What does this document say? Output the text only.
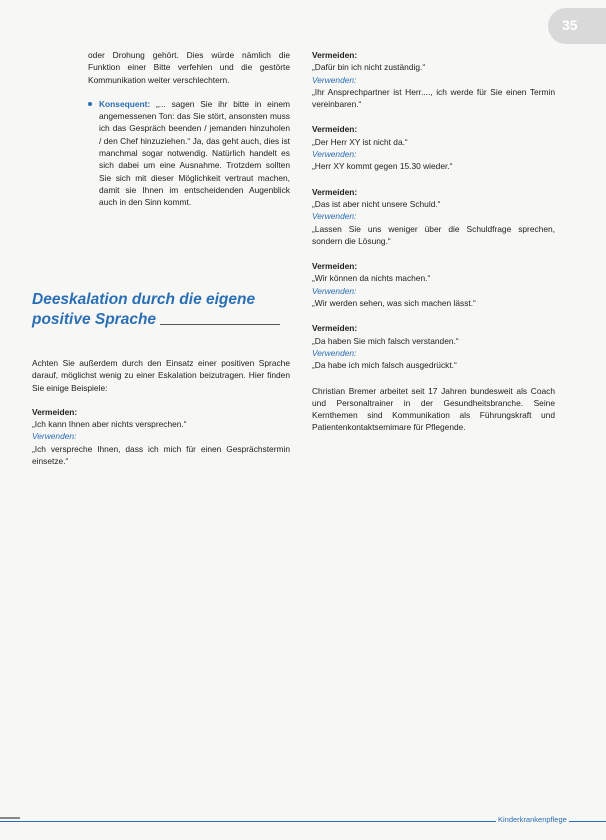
35

oder Drohung gehört. Dies würde nämlich die Funktion einer Bitte verfehlen und die gestörte Kommunikation weiter verschlechtern.

Konsequent: „... sagen Sie ihr bitte in einem angemessenen Ton: das Sie stört, ansonsten muss ich das Gespräch beenden / jemanden hinzuholen / den Chef hinzuziehen.“ Ja, das geht auch, dies ist manchmal sogar notwendig. Natürlich handelt es sich dabei um eine Ausnahme. Trotzdem sollten Sie sich mit dieser Möglichkeit vertraut machen, damit sie Ihnen im entscheidenden Augenblick auch in den Sinn kommt.

Deeskalation durch die eigene
positive Sprache

Achten Sie außerdem durch den Einsatz einer positiven Sprache darauf, möglichst wenig zu einer Eskalation beizutragen. Hier finden Sie einige Beispiele:

Vermeiden:

„Ich kann Ihnen aber nichts versprechen.“

Verwenden:

„Ich verspreche Ihnen, dass ich mich für einen Gesprächstermin einsetze.“

Vermeiden:

„Dafür bin ich nicht zuständig.“

Verwenden:

„Ihr Ansprechpartner ist Herr...., ich werde für Sie einen Termin vereinbaren.“

Vermeiden:

„Der Herr XY ist nicht da.“

Verwenden:

„Herr XY kommt gegen 15.30 wieder.“

Vermeiden:

„Das ist aber nicht unsere Schuld.“

Verwenden:

„Lassen Sie uns weniger über die Schuldfrage sprechen, sondern die Lösung.“

Vermeiden:

„Wir können da nichts machen.“

Verwenden:

„Wir werden sehen, was sich machen lässt.“

Vermeiden:

„Da haben Sie mich falsch verstanden.“

Verwenden:

„Da habe ich mich falsch ausgedrückt.“

Christian Bremer arbeitet seit 17 Jahren bundesweit als Coach und Personaltrainer in der Gesundheitsbranche. Seine Kernthemen sind Kommunikation als Führungskraft und Patientenkontaktsemimare für Pflegende.

Kinderkrankenpflege
